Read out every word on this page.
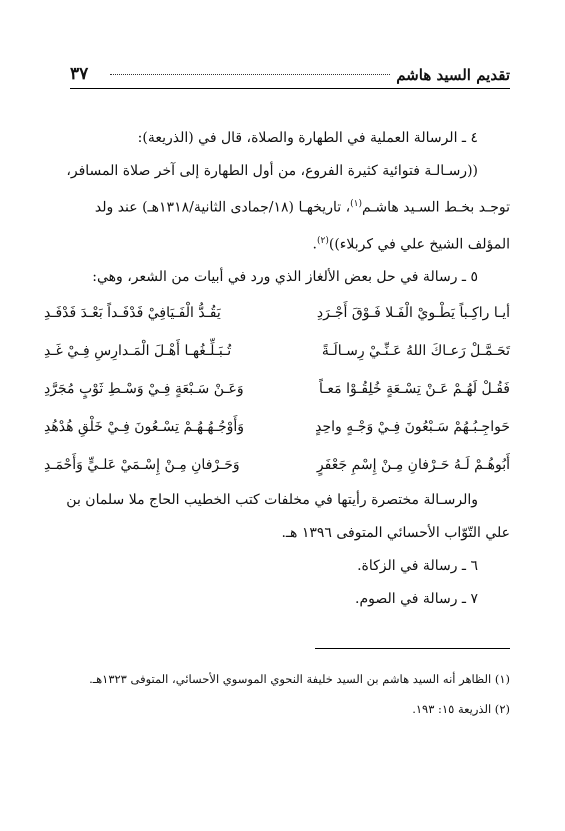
تقديم السيد هاشم
٣٧

٤ ـ الرسالة العملية في الطهارة والصلاة، قال في (الذريعة):

((رسـالـة فتوائية كثيرة الفروع، من أول الطهارة إلى آخر صلاة المسافر،

توجـد بخـط السـيد هاشـم$^{(١)}$، تاريخهـا (١٨/جمادى الثانية/١٣١٨هـ) عند ولد

المؤلف الشيخ علي في كربلاء))$^{(٢)}$.

٥ ـ رسالة في حل بعض الألغاز الذي ورد في أبيات من الشعر، وهي:

أيـا راكِـباً يَطْـويْ الْفَـلا فَـوْقَ أَجْـرَدِ
يَقُـدُّ الْفَـيَافِيْ فَدْفَـداً بَعْـدَ فَدْفَـدِ
تَحَـمَّـلْ رَعـاكَ اللهُ عَـنِّـيْ رِسـالَـةً
تُـبَـلِّـغُهـا أَهْـلَ الْمَـدارِسِ فِـيْ غَـدِ
فَقُـلْ لَهُـمْ عَـنْ تِسْـعَةٍ خُلِقُـوْا مَعـاً
وَعَـنْ سَـبْعَةٍ فِـيْ وَسْـطِ ثَوْبٍ مُجَرَّدِ
حَواجِـبُـهُمْ سَـبْعُونَ فِـيْ وَجْـهٍ واحِدٍ
وَأَوْجُـهُـهُـمْ تِسْـعُونَ فِـيْ خَلْقِ هُدْهُدِ
أَبُوهُـمْ لَـهُ حَـرْفانِ مِـنْ إِسْمِ جَعْفَرٍ
وَحَـرْفانِ مِـنْ إِسْـمَيْ عَلـيٍّ وَأَحْمَـدِ

والرسـالة مختصرة رأيتها في مخلفات كتب الخطيب الحاج ملا سلمان بن

علي التّوّاب الأحسائي المتوفى ١٣٩٦ هـ.

٦ ـ رسالة في الزكاة.

٧ ـ رسالة في الصوم.

(١) الظاهر أنه السيد هاشم بن السيد خليفة النحوي الموسوي الأحسائي، المتوفى ١٣٢٣هـ.

(٢) الذريعة ١٥: ١٩٣.
